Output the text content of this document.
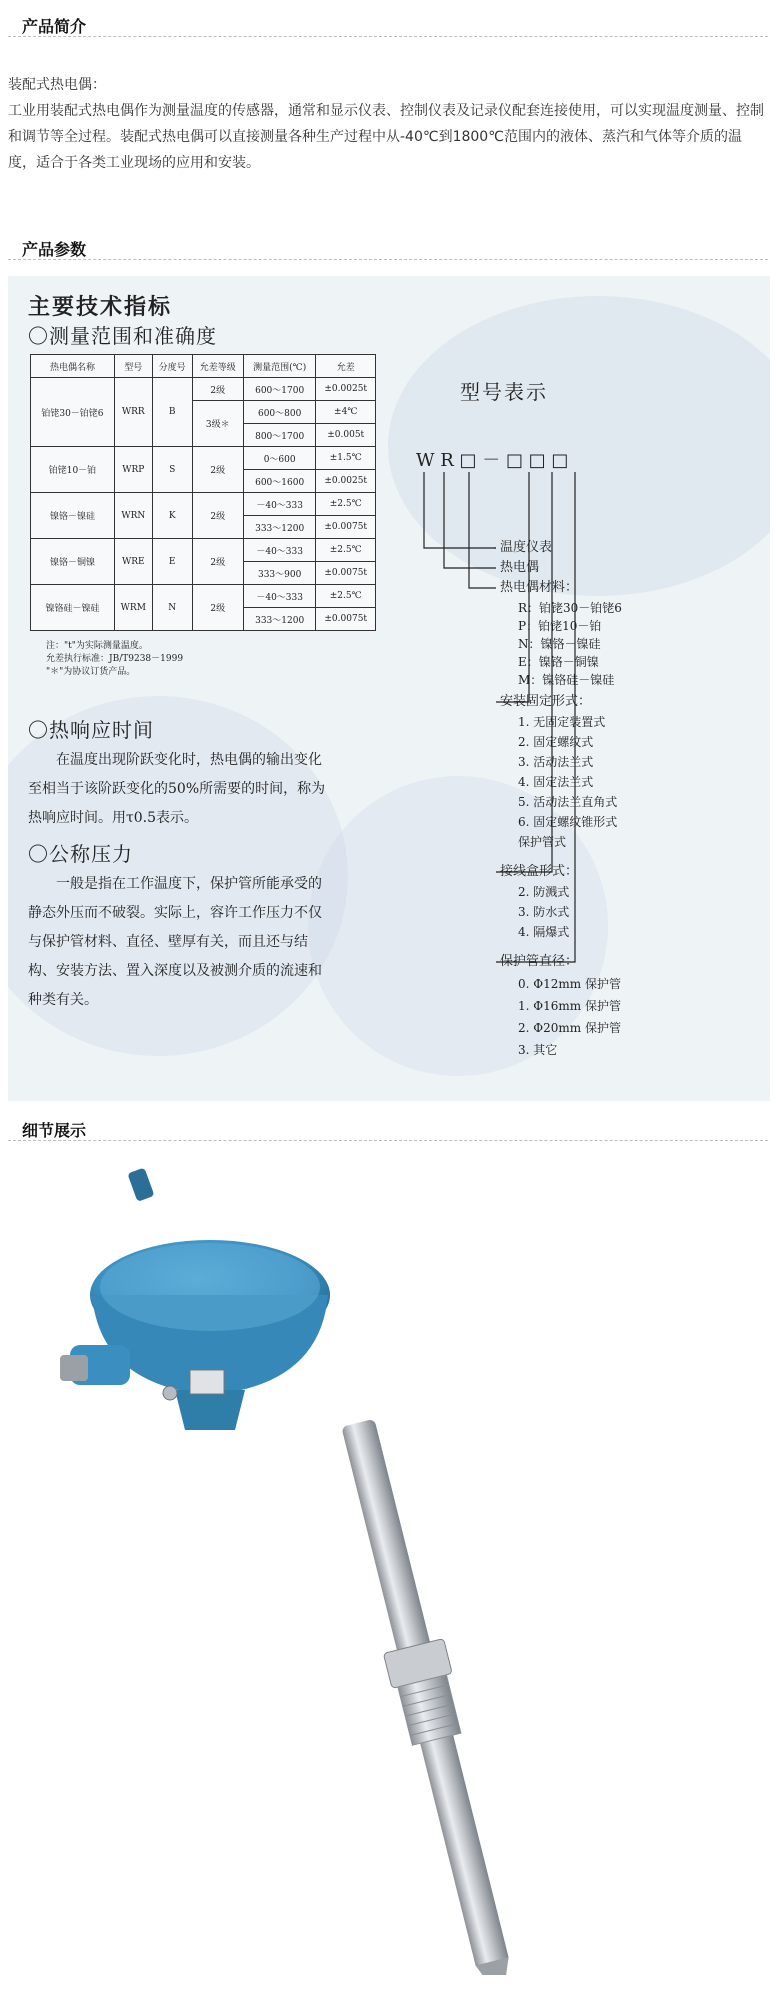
产品简介

装配式热电偶：

工业用装配式热电偶作为测量温度的传感器，通常和显示仪表、控制仪表及记录仪配套连接使用，可以实现温度测量、控制和调节等全过程。装配式热电偶可以直接测量各种生产过程中从-40℃到1800℃范围内的液体、蒸汽和气体等介质的温度，适合于各类工业现场的应用和安装。

产品参数
主要技术指标
〇测量范围和准确度
热电偶名称	型号	分度号	允差等级	测量范围(℃)	允差
铂铑30－铂铑6	WRR	B	2级	600～1700	±0.0025t
			3级＊	600～800	±4℃
				800～1700	±0.005t
铂铑10－铂	WRP	S	2级	0～600	±1.5℃
				600～1600	±0.0025t
镍铬－镍硅	WRN	K	2级	－40～333	±2.5℃
				333～1200	±0.0075t
镍铬－铜镍	WRE	E	2级	－40～333	±2.5℃
				333～900	±0.0075t
镍铬硅－镍硅	WRM	N	2级	－40～333	±2.5℃
				333～1200	±0.0075t
注："t"为实际测量温度。
允差执行标准：JB/T9238－1999
"＊"为协议订货产品。
〇热响应时间
在温度出现阶跃变化时，热电偶的输出变化至相当于该阶跃变化的50%所需要的时间，称为热响应时间。用τ0.5表示。
〇公称压力
一般是指在工作温度下，保护管所能承受的静态外压而不破裂。实际上，容许工作压力不仅与保护管材料、直径、壁厚有关，而且还与结构、安装方法、置入深度以及被测介质的流速和种类有关。
型号表示
W R □ － □ □ □
温度仪表
热电偶
热电偶材料：
R：铂铑30－铂铑6
P：铂铑10－铂
N：镍铬－镍硅
E：镍铬－铜镍
M：镍铬硅－镍硅
安装固定形式：
1. 无固定装置式
2. 固定螺纹式
3. 活动法兰式
4. 固定法兰式
5. 活动法兰直角式
6. 固定螺纹锥形式
保护管式
接线盒形式：
2. 防溅式
3. 防水式
4. 隔爆式
保护管直径：
0. Φ12mm 保护管
1. Φ16mm 保护管
2. Φ20mm 保护管
3. 其它
细节展示
